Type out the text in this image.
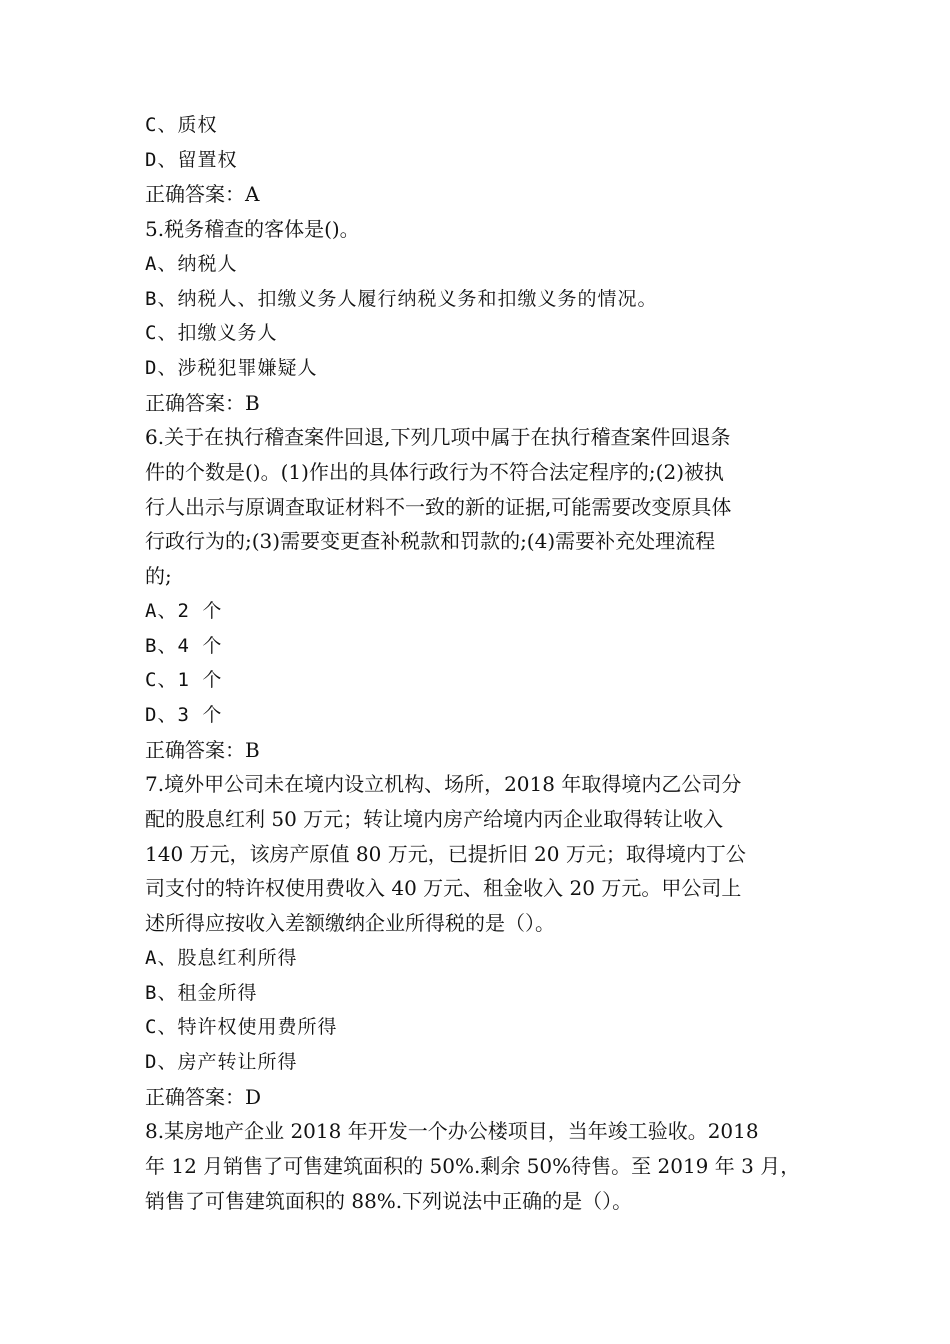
C、质权

D、留置权

正确答案：A

5.税务稽查的客体是()。

A、纳税人

B、纳税人、扣缴义务人履行纳税义务和扣缴义务的情况。

C、扣缴义务人

D、涉税犯罪嫌疑人

正确答案：B

6.关于在执行稽查案件回退,下列几项中属于在执行稽查案件回退条

件的个数是()。(1)作出的具体行政行为不符合法定程序的;(2)被执

行人出示与原调查取证材料不一致的新的证据,可能需要改变原具体

行政行为的;(3)需要变更查补税款和罚款的;(4)需要补充处理流程

的;

A、2 个

B、4 个

C、1 个

D、3 个

正确答案：B

7.境外甲公司未在境内设立机构、场所，2018 年取得境内乙公司分

配的股息红利 50 万元；转让境内房产给境内丙企业取得转让收入

140 万元，该房产原值 80 万元，已提折旧 20 万元；取得境内丁公

司支付的特许权使用费收入 40 万元、租金收入 20 万元。甲公司上

述所得应按收入差额缴纳企业所得税的是（）。

A、股息红利所得

B、租金所得

C、特许权使用费所得

D、房产转让所得

正确答案：D

8.某房地产企业 2018 年开发一个办公楼项目，当年竣工验收。2018

年 12 月销售了可售建筑面积的 50%.剩余 50%待售。至 2019 年 3 月，

销售了可售建筑面积的 88%.下列说法中正确的是（）。
